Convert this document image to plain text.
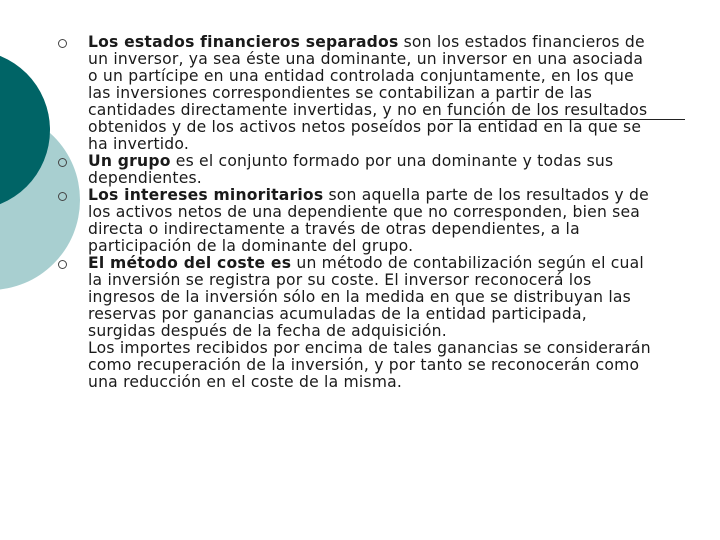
Los estados financieros separados son los estados financieros de un inversor, ya sea éste una dominante, un inversor en una asociada o un partícipe en una entidad controlada conjuntamente, en los que las inversiones correspondientes se contabilizan a partir de las cantidades directamente invertidas, y no en función de los resultados obtenidos y de los activos netos poseídos por la entidad en la que se ha invertido.
Un grupo es el conjunto formado por una dominante y todas sus dependientes.
Los intereses minoritarios son aquella parte de los resultados y de los activos netos de una dependiente que no corresponden, bien sea directa o indirectamente a través de otras dependientes, a la participación de la dominante del grupo.
El método del coste es un método de contabilización según el cual la inversión se registra por su coste. El inversor reconocerá los ingresos de la inversión sólo en la medida en que se distribuyan las reservas por ganancias acumuladas de la entidad participada, surgidas después de la fecha de adquisición.
Los importes recibidos por encima de tales ganancias se considerarán como recuperación de la inversión, y por tanto se reconocerán como una reducción en el coste de la misma.
